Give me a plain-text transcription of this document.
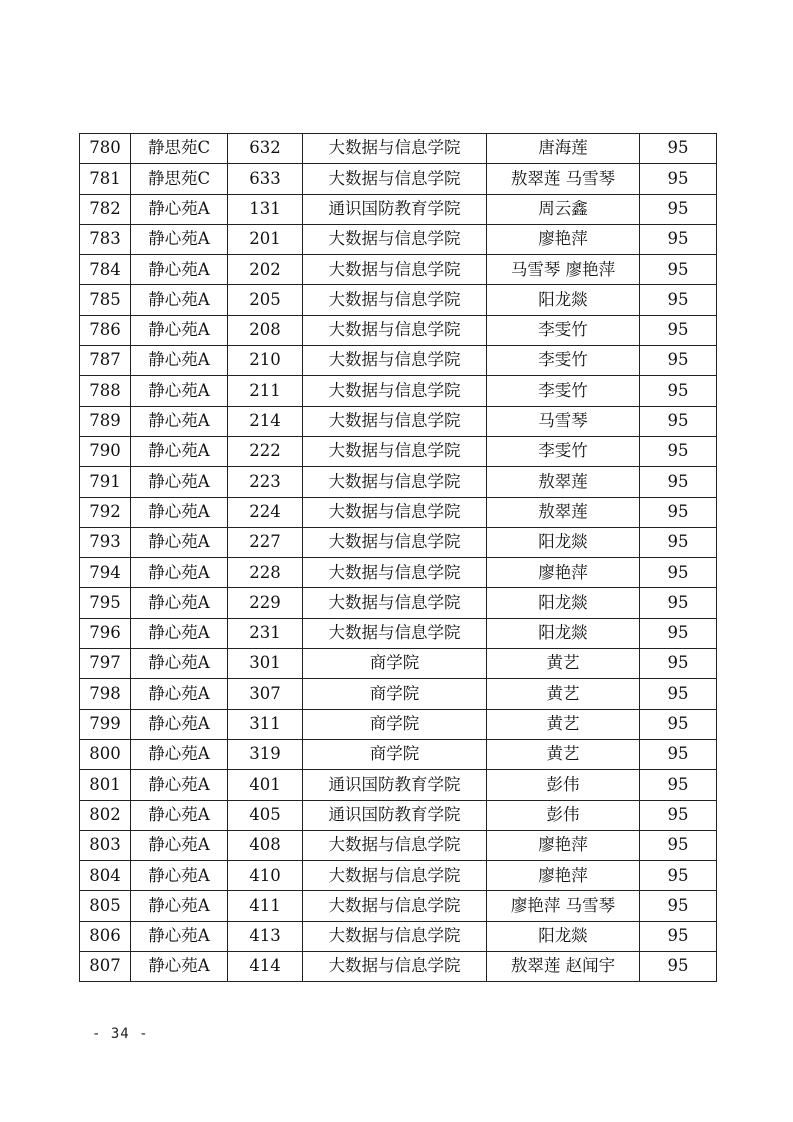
780	静思苑C	632	大数据与信息学院	唐海莲	95
781	静思苑C	633	大数据与信息学院	敖翠莲 马雪琴	95
782	静心苑A	131	通识国防教育学院	周云鑫	95
783	静心苑A	201	大数据与信息学院	廖艳萍	95
784	静心苑A	202	大数据与信息学院	马雪琴 廖艳萍	95
785	静心苑A	205	大数据与信息学院	阳龙燚	95
786	静心苑A	208	大数据与信息学院	李雯竹	95
787	静心苑A	210	大数据与信息学院	李雯竹	95
788	静心苑A	211	大数据与信息学院	李雯竹	95
789	静心苑A	214	大数据与信息学院	马雪琴	95
790	静心苑A	222	大数据与信息学院	李雯竹	95
791	静心苑A	223	大数据与信息学院	敖翠莲	95
792	静心苑A	224	大数据与信息学院	敖翠莲	95
793	静心苑A	227	大数据与信息学院	阳龙燚	95
794	静心苑A	228	大数据与信息学院	廖艳萍	95
795	静心苑A	229	大数据与信息学院	阳龙燚	95
796	静心苑A	231	大数据与信息学院	阳龙燚	95
797	静心苑A	301	商学院	黄艺	95
798	静心苑A	307	商学院	黄艺	95
799	静心苑A	311	商学院	黄艺	95
800	静心苑A	319	商学院	黄艺	95
801	静心苑A	401	通识国防教育学院	彭伟	95
802	静心苑A	405	通识国防教育学院	彭伟	95
803	静心苑A	408	大数据与信息学院	廖艳萍	95
804	静心苑A	410	大数据与信息学院	廖艳萍	95
805	静心苑A	411	大数据与信息学院	廖艳萍 马雪琴	95
806	静心苑A	413	大数据与信息学院	阳龙燚	95
807	静心苑A	414	大数据与信息学院	敖翠莲 赵闻宇	95
- 34 -
